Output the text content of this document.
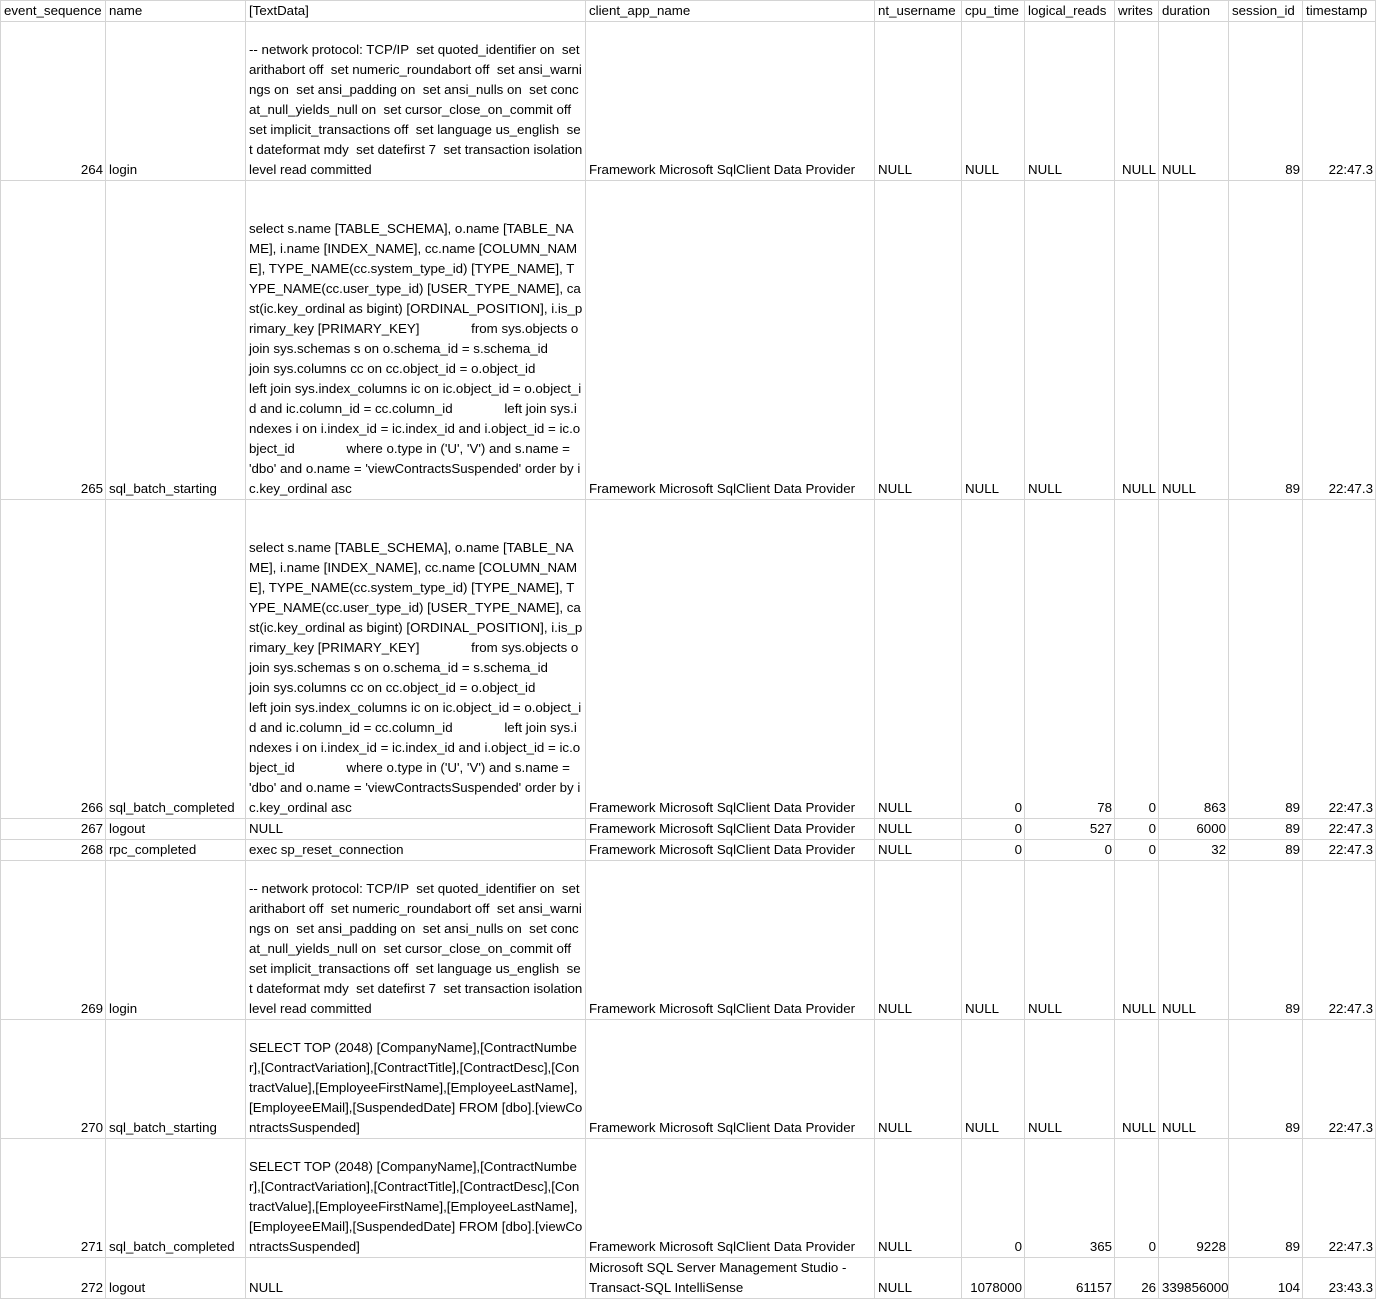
event_sequence	name	[TextData]	client_app_name	nt_username	cpu_time	logical_reads	writes	duration	session_id	timestamp
264	login	-- network protocol: TCP/IP  set quoted_identifier on  set arithabort off  set numeric_roundabort off  set ansi_warnings on  set ansi_padding on  set ansi_nulls on  set concat_null_yields_null on  set cursor_close_on_commit off  set implicit_transactions off  set language us_english  set dateformat mdy  set datefirst 7  set transaction isolation level read committed	Framework Microsoft SqlClient Data Provider	NULL	NULL	NULL	NULL	NULL	89	22:47.3
265	sql_batch_starting	select s.name [TABLE_SCHEMA], o.name [TABLE_NAME], i.name [INDEX_NAME], cc.name [COLUMN_NAME], TYPE_NAME(cc.system_type_id) [TYPE_NAME], TYPE_NAME(cc.user_type_id) [USER_TYPE_NAME], cast(ic.key_ordinal as bigint) [ORDINAL_POSITION], i.is_primary_key [PRIMARY_KEY]              from sys.objects o join sys.schemas s on o.schema_id = s.schema_id              join sys.columns cc on cc.object_id = o.object_id              left join sys.index_columns ic on ic.object_id = o.object_id and ic.column_id = cc.column_id              left join sys.indexes i on i.index_id = ic.index_id and i.object_id = ic.object_id              where o.type in ('U', 'V') and s.name = 'dbo' and o.name = 'viewContractsSuspended' order by ic.key_ordinal asc	Framework Microsoft SqlClient Data Provider	NULL	NULL	NULL	NULL	NULL	89	22:47.3
266	sql_batch_completed	select s.name [TABLE_SCHEMA], o.name [TABLE_NAME], i.name [INDEX_NAME], cc.name [COLUMN_NAME], TYPE_NAME(cc.system_type_id) [TYPE_NAME], TYPE_NAME(cc.user_type_id) [USER_TYPE_NAME], cast(ic.key_ordinal as bigint) [ORDINAL_POSITION], i.is_primary_key [PRIMARY_KEY]              from sys.objects o join sys.schemas s on o.schema_id = s.schema_id              join sys.columns cc on cc.object_id = o.object_id              left join sys.index_columns ic on ic.object_id = o.object_id and ic.column_id = cc.column_id              left join sys.indexes i on i.index_id = ic.index_id and i.object_id = ic.object_id              where o.type in ('U', 'V') and s.name = 'dbo' and o.name = 'viewContractsSuspended' order by ic.key_ordinal asc	Framework Microsoft SqlClient Data Provider	NULL	0	78	0	863	89	22:47.3
267	logout	NULL	Framework Microsoft SqlClient Data Provider	NULL	0	527	0	6000	89	22:47.3
268	rpc_completed	exec sp_reset_connection	Framework Microsoft SqlClient Data Provider	NULL	0	0	0	32	89	22:47.3
269	login	-- network protocol: TCP/IP  set quoted_identifier on  set arithabort off  set numeric_roundabort off  set ansi_warnings on  set ansi_padding on  set ansi_nulls on  set concat_null_yields_null on  set cursor_close_on_commit off  set implicit_transactions off  set language us_english  set dateformat mdy  set datefirst 7  set transaction isolation level read committed	Framework Microsoft SqlClient Data Provider	NULL	NULL	NULL	NULL	NULL	89	22:47.3
270	sql_batch_starting	SELECT TOP (2048) [CompanyName],[ContractNumber],[ContractVariation],[ContractTitle],[ContractDesc],[ContractValue],[EmployeeFirstName],[EmployeeLastName],[EmployeeEMail],[SuspendedDate] FROM [dbo].[viewContractsSuspended]	Framework Microsoft SqlClient Data Provider	NULL	NULL	NULL	NULL	NULL	89	22:47.3
271	sql_batch_completed	SELECT TOP (2048) [CompanyName],[ContractNumber],[ContractVariation],[ContractTitle],[ContractDesc],[ContractValue],[EmployeeFirstName],[EmployeeLastName],[EmployeeEMail],[SuspendedDate] FROM [dbo].[viewContractsSuspended]	Framework Microsoft SqlClient Data Provider	NULL	0	365	0	9228	89	22:47.3
272	logout	NULL	Microsoft SQL Server Management Studio - Transact-SQL IntelliSense	NULL	1078000	61157	26	339856000	104	23:43.3
